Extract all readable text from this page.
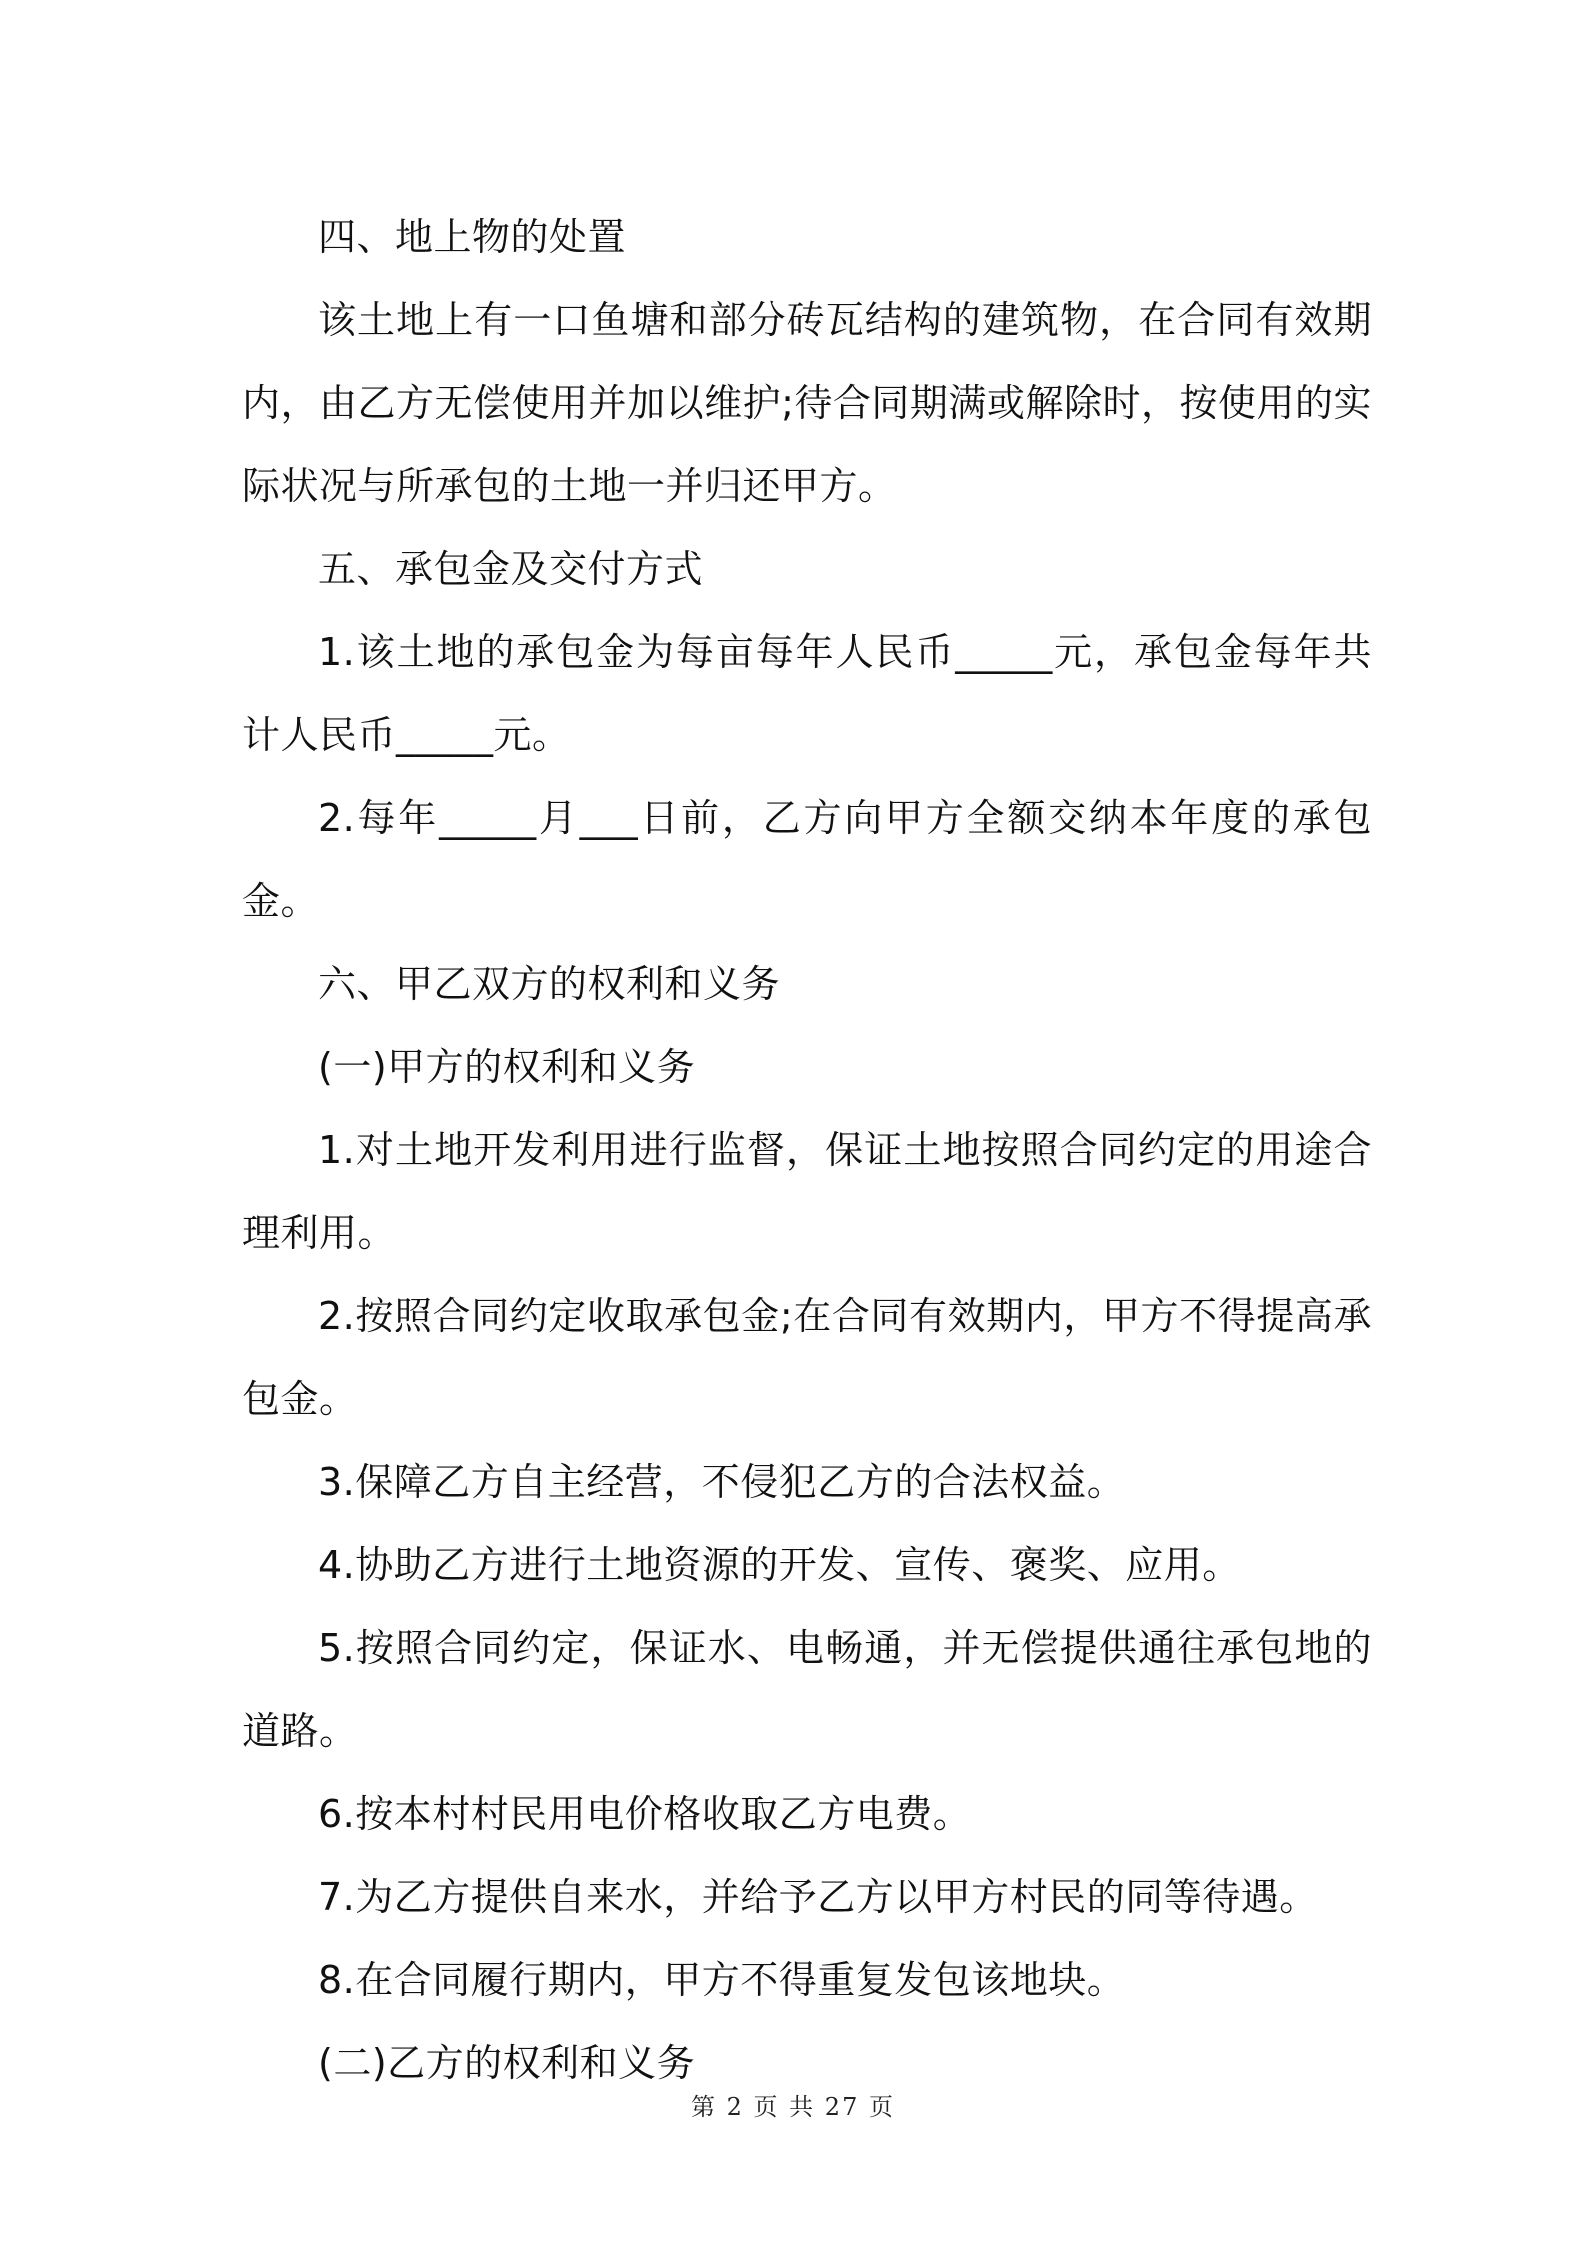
四、地上物的处置

该土地上有一口鱼塘和部分砖瓦结构的建筑物，在合同有效期内，由乙方无偿使用并加以维护;待合同期满或解除时，按使用的实际状况与所承包的土地一并归还甲方。

五、承包金及交付方式

1.该土地的承包金为每亩每年人民币_____元，承包金每年共计人民币_____元。

2.每年_____月___日前，乙方向甲方全额交纳本年度的承包金。

六、甲乙双方的权利和义务

(一)甲方的权利和义务

1.对土地开发利用进行监督，保证土地按照合同约定的用途合理利用。

2.按照合同约定收取承包金;在合同有效期内，甲方不得提高承包金。

3.保障乙方自主经营，不侵犯乙方的合法权益。

4.协助乙方进行土地资源的开发、宣传、褒奖、应用。

5.按照合同约定，保证水、电畅通，并无偿提供通往承包地的道路。

6.按本村村民用电价格收取乙方电费。

7.为乙方提供自来水，并给予乙方以甲方村民的同等待遇。

8.在合同履行期内，甲方不得重复发包该地块。

(二)乙方的权利和义务

第 2 页 共 27 页
